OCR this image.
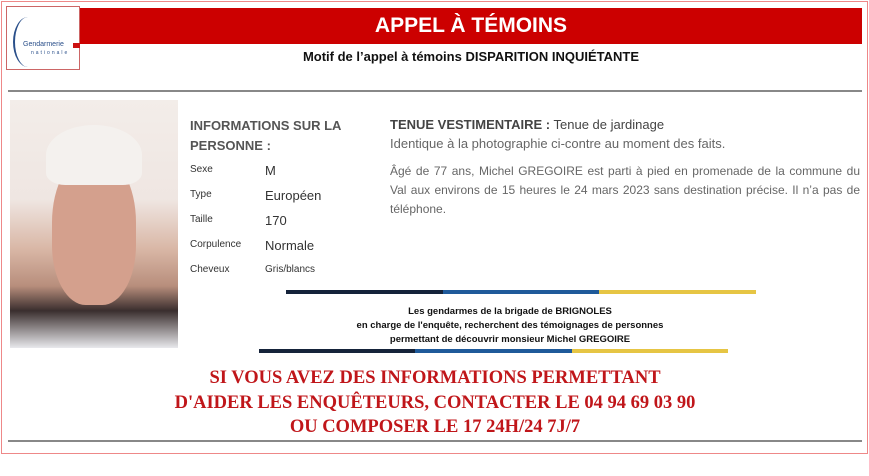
Gendarmerie
nationale
APPEL À TÉMOINS
Motif de l’appel à témoins DISPARITION INQUIÉTANTE
INFORMATIONS SUR LA PERSONNE :
Sexe	M
Type	Européen
Taille	170
Corpulence Normale
Cheveux	Gris/blancs
TENUE VESTIMENTAIRE : Tenue de jardinage
Identique à la photographie ci-contre au moment des faits.
Âgé de 77 ans, Michel GREGOIRE est parti à pied en promenade de la commune du Val aux environs de 15 heures le 24 mars 2023 sans destination précise. Il n’a pas de téléphone.
Les gendarmes de la brigade de BRIGNOLES
en charge de l'enquête, recherchent des témoignages de personnes
permettant de découvrir monsieur Michel GREGOIRE
SI VOUS AVEZ DES INFORMATIONS PERMETTANT
D'AIDER LES ENQUÊTEURS, CONTACTER LE 04 94 69 03 90
OU COMPOSER LE 17 24H/24 7J/7
